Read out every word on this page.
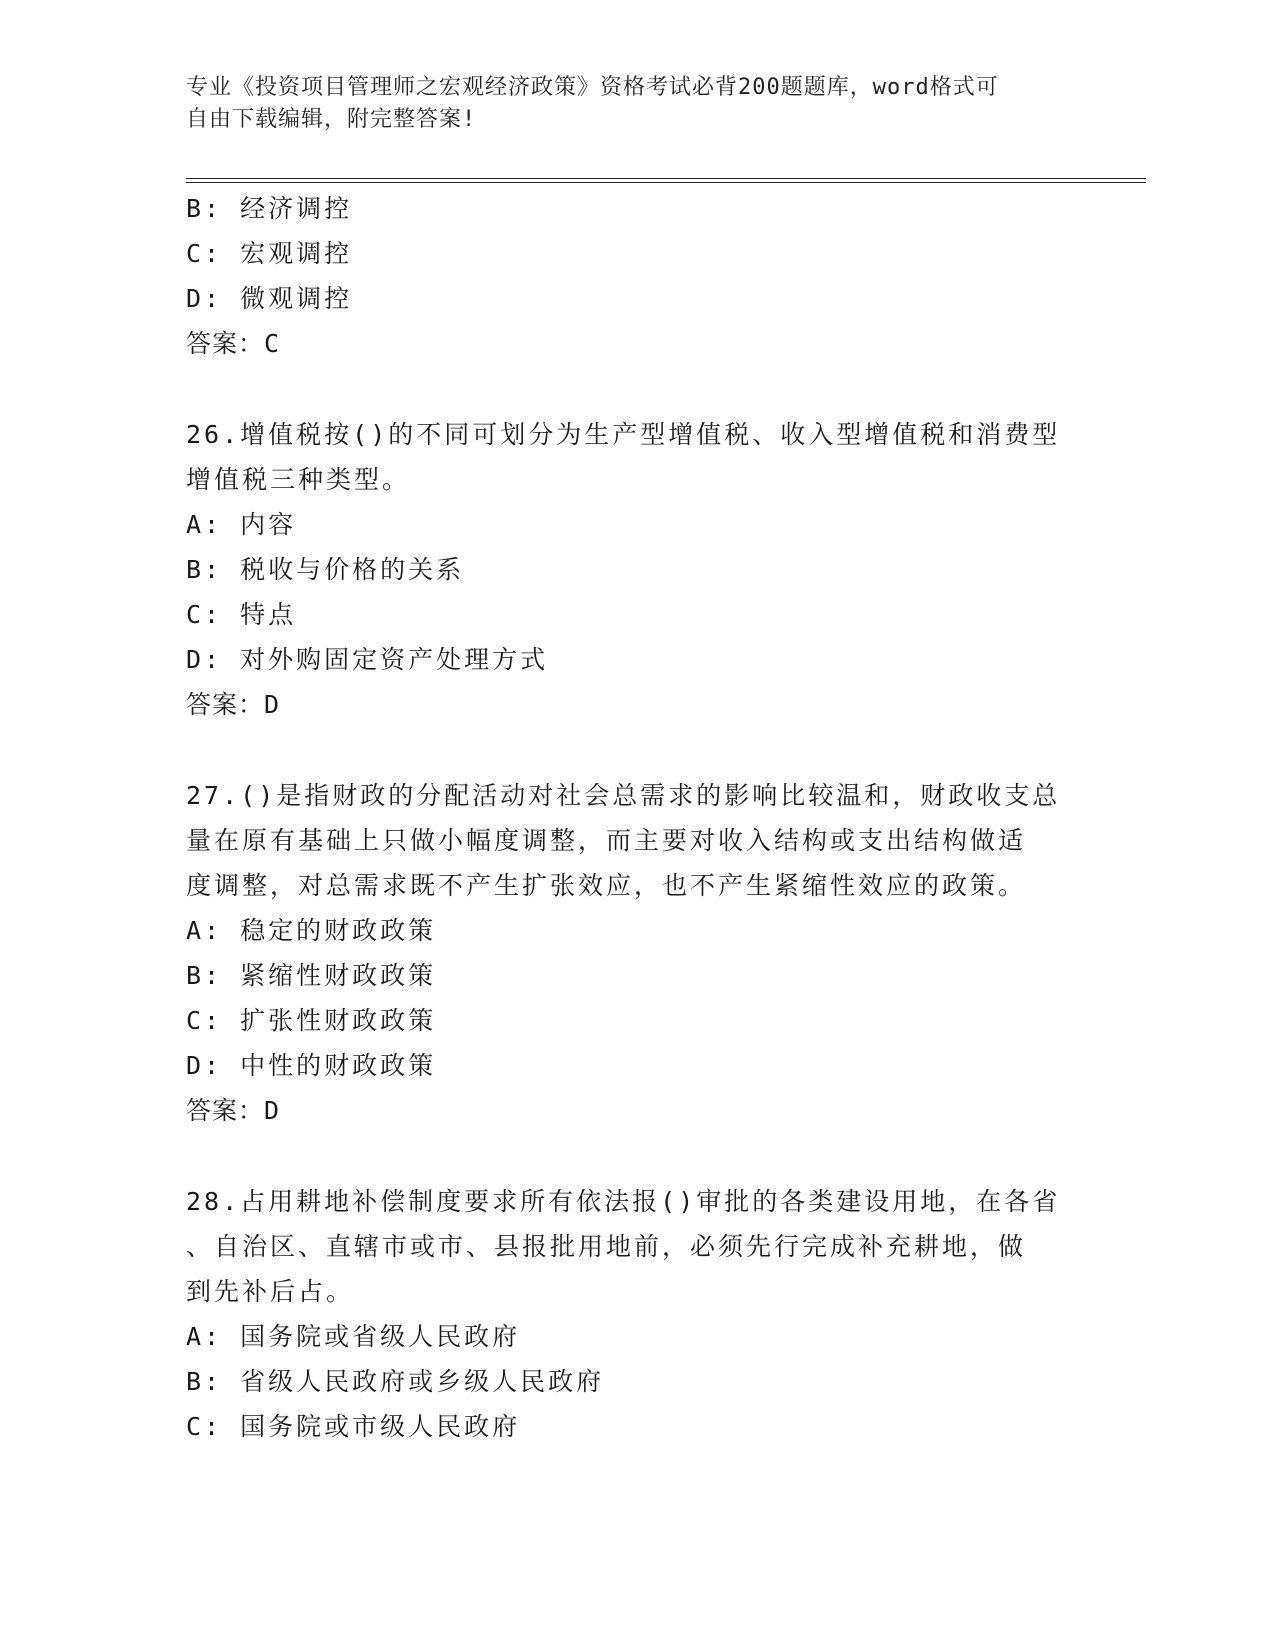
专业《投资项目管理师之宏观经济政策》资格考试必背200题题库，word格式可
自由下载编辑，附完整答案!
B: 经济调控
C: 宏观调控
D: 微观调控
答案：C
26.增值税按()的不同可划分为生产型增值税、收入型增值税和消费型
增值税三种类型。
A: 内容
B: 税收与价格的关系
C: 特点
D: 对外购固定资产处理方式
答案：D
27.()是指财政的分配活动对社会总需求的影响比较温和，财政收支总
量在原有基础上只做小幅度调整，而主要对收入结构或支出结构做适
度调整，对总需求既不产生扩张效应，也不产生紧缩性效应的政策。
A: 稳定的财政政策
B: 紧缩性财政政策
C: 扩张性财政政策
D: 中性的财政政策
答案：D
28.占用耕地补偿制度要求所有依法报()审批的各类建设用地，在各省
、自治区、直辖市或市、县报批用地前，必须先行完成补充耕地，做
到先补后占。
A: 国务院或省级人民政府
B: 省级人民政府或乡级人民政府
C: 国务院或市级人民政府
